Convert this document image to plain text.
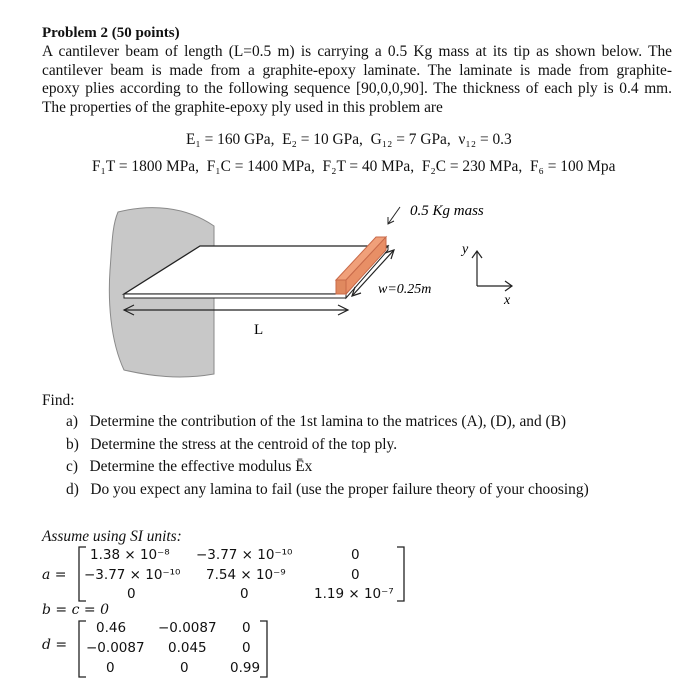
Problem 2 (50 points)
A cantilever beam of length (L=0.5 m) is carrying a 0.5 Kg mass at its tip as shown below. The
cantilever beam is made from a graphite-epoxy laminate. The laminate is made from graphite-
epoxy plies according to the following sequence [90,0,0,90]. The thickness of each ply is 0.4 mm.
The properties of the graphite-epoxy ply used in this problem are
E₁ = 160 GPa, E₂ = 10 GPa, G₁₂ = 7 GPa, ν₁₂ = 0.3
F₁T = 1800 MPa, F₁C = 1400 MPa, F₂T = 40 MPa, F₂C = 230 MPa, F₆ = 100 Mpa
0.5 Kg mass
w=0.25m
L
y
x
Find:
a) Determine the contribution of the 1st lamina to the matrices (A), (D), and (B)
b) Determine the stress at the centroid of the top ply.
c) Determine the effective modulus Ēx
d) Do you expect any lamina to fail (use the proper failure theory of your choosing)
Assume using SI units:
a =
1.38 × 10⁻⁸ −3.77 × 10⁻¹⁰	0
−3.77 × 10⁻¹⁰ 7.54 × 10⁻⁹	0
0	0	1.19 × 10⁻⁷
b = c = 0
d =
0.46 −0.0087 0
−0.0087 0.045	0
0	0	0.99
